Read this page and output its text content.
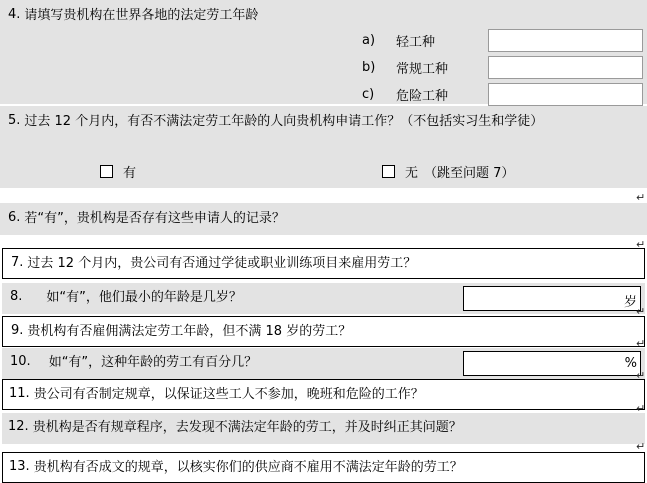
4. 请填写贵机构在世界各地的法定劳工年龄
a)	轻工种
b)	常规工种
c)	危险工种
5. 过去 12 个月内，有否不满法定劳工年龄的人向贵机构申请工作？（不包括实习生和学徒）
有	无 （跳至问题 7）
6. 若“有”，贵机构是否存有这些申请人的记录？
7. 过去 12 个月内，贵公司有否通过学徒或职业训练项目来雇用劳工？
8.	如“有”，他们最小的年龄是几岁？	岁
9. 贵机构有否雇佣满法定劳工年龄，但不满 18 岁的劳工？
10.	如“有”，这种年龄的劳工有百分几？	%
11. 贵公司有否制定规章，以保证这些工人不参加，晚班和危险的工作？
12. 贵机构是否有规章程序，去发现不满法定年龄的劳工，并及时纠正其问题？
13. 贵机构有否成文的规章，以核实你们的供应商不雇用不满法定年龄的劳工？
↵
↵
↵
↵
↵
↵
↵
